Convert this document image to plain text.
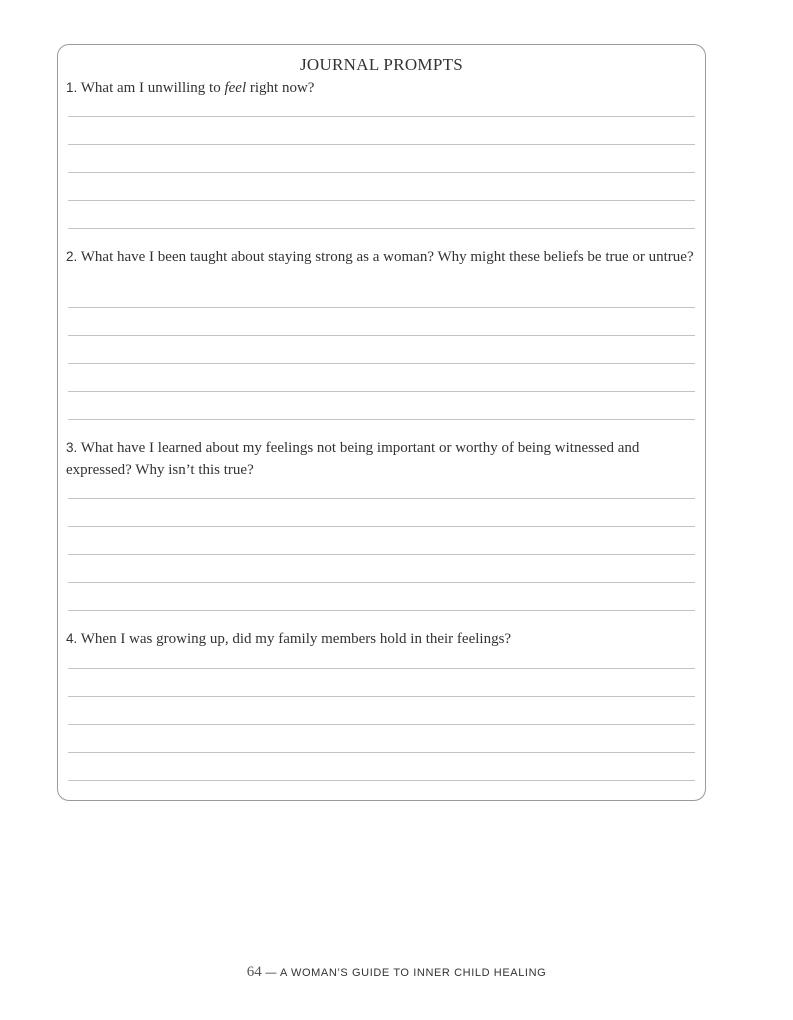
JOURNAL PROMPTS
1. What am I unwilling to feel right now?
2. What have I been taught about staying strong as a woman? Why might these beliefs be true or untrue?
3. What have I learned about my feelings not being important or worthy of being witnessed and expressed? Why isn’t this true?
4. When I was growing up, did my family members hold in their feelings?
64 — A WOMAN’S GUIDE TO INNER CHILD HEALING
